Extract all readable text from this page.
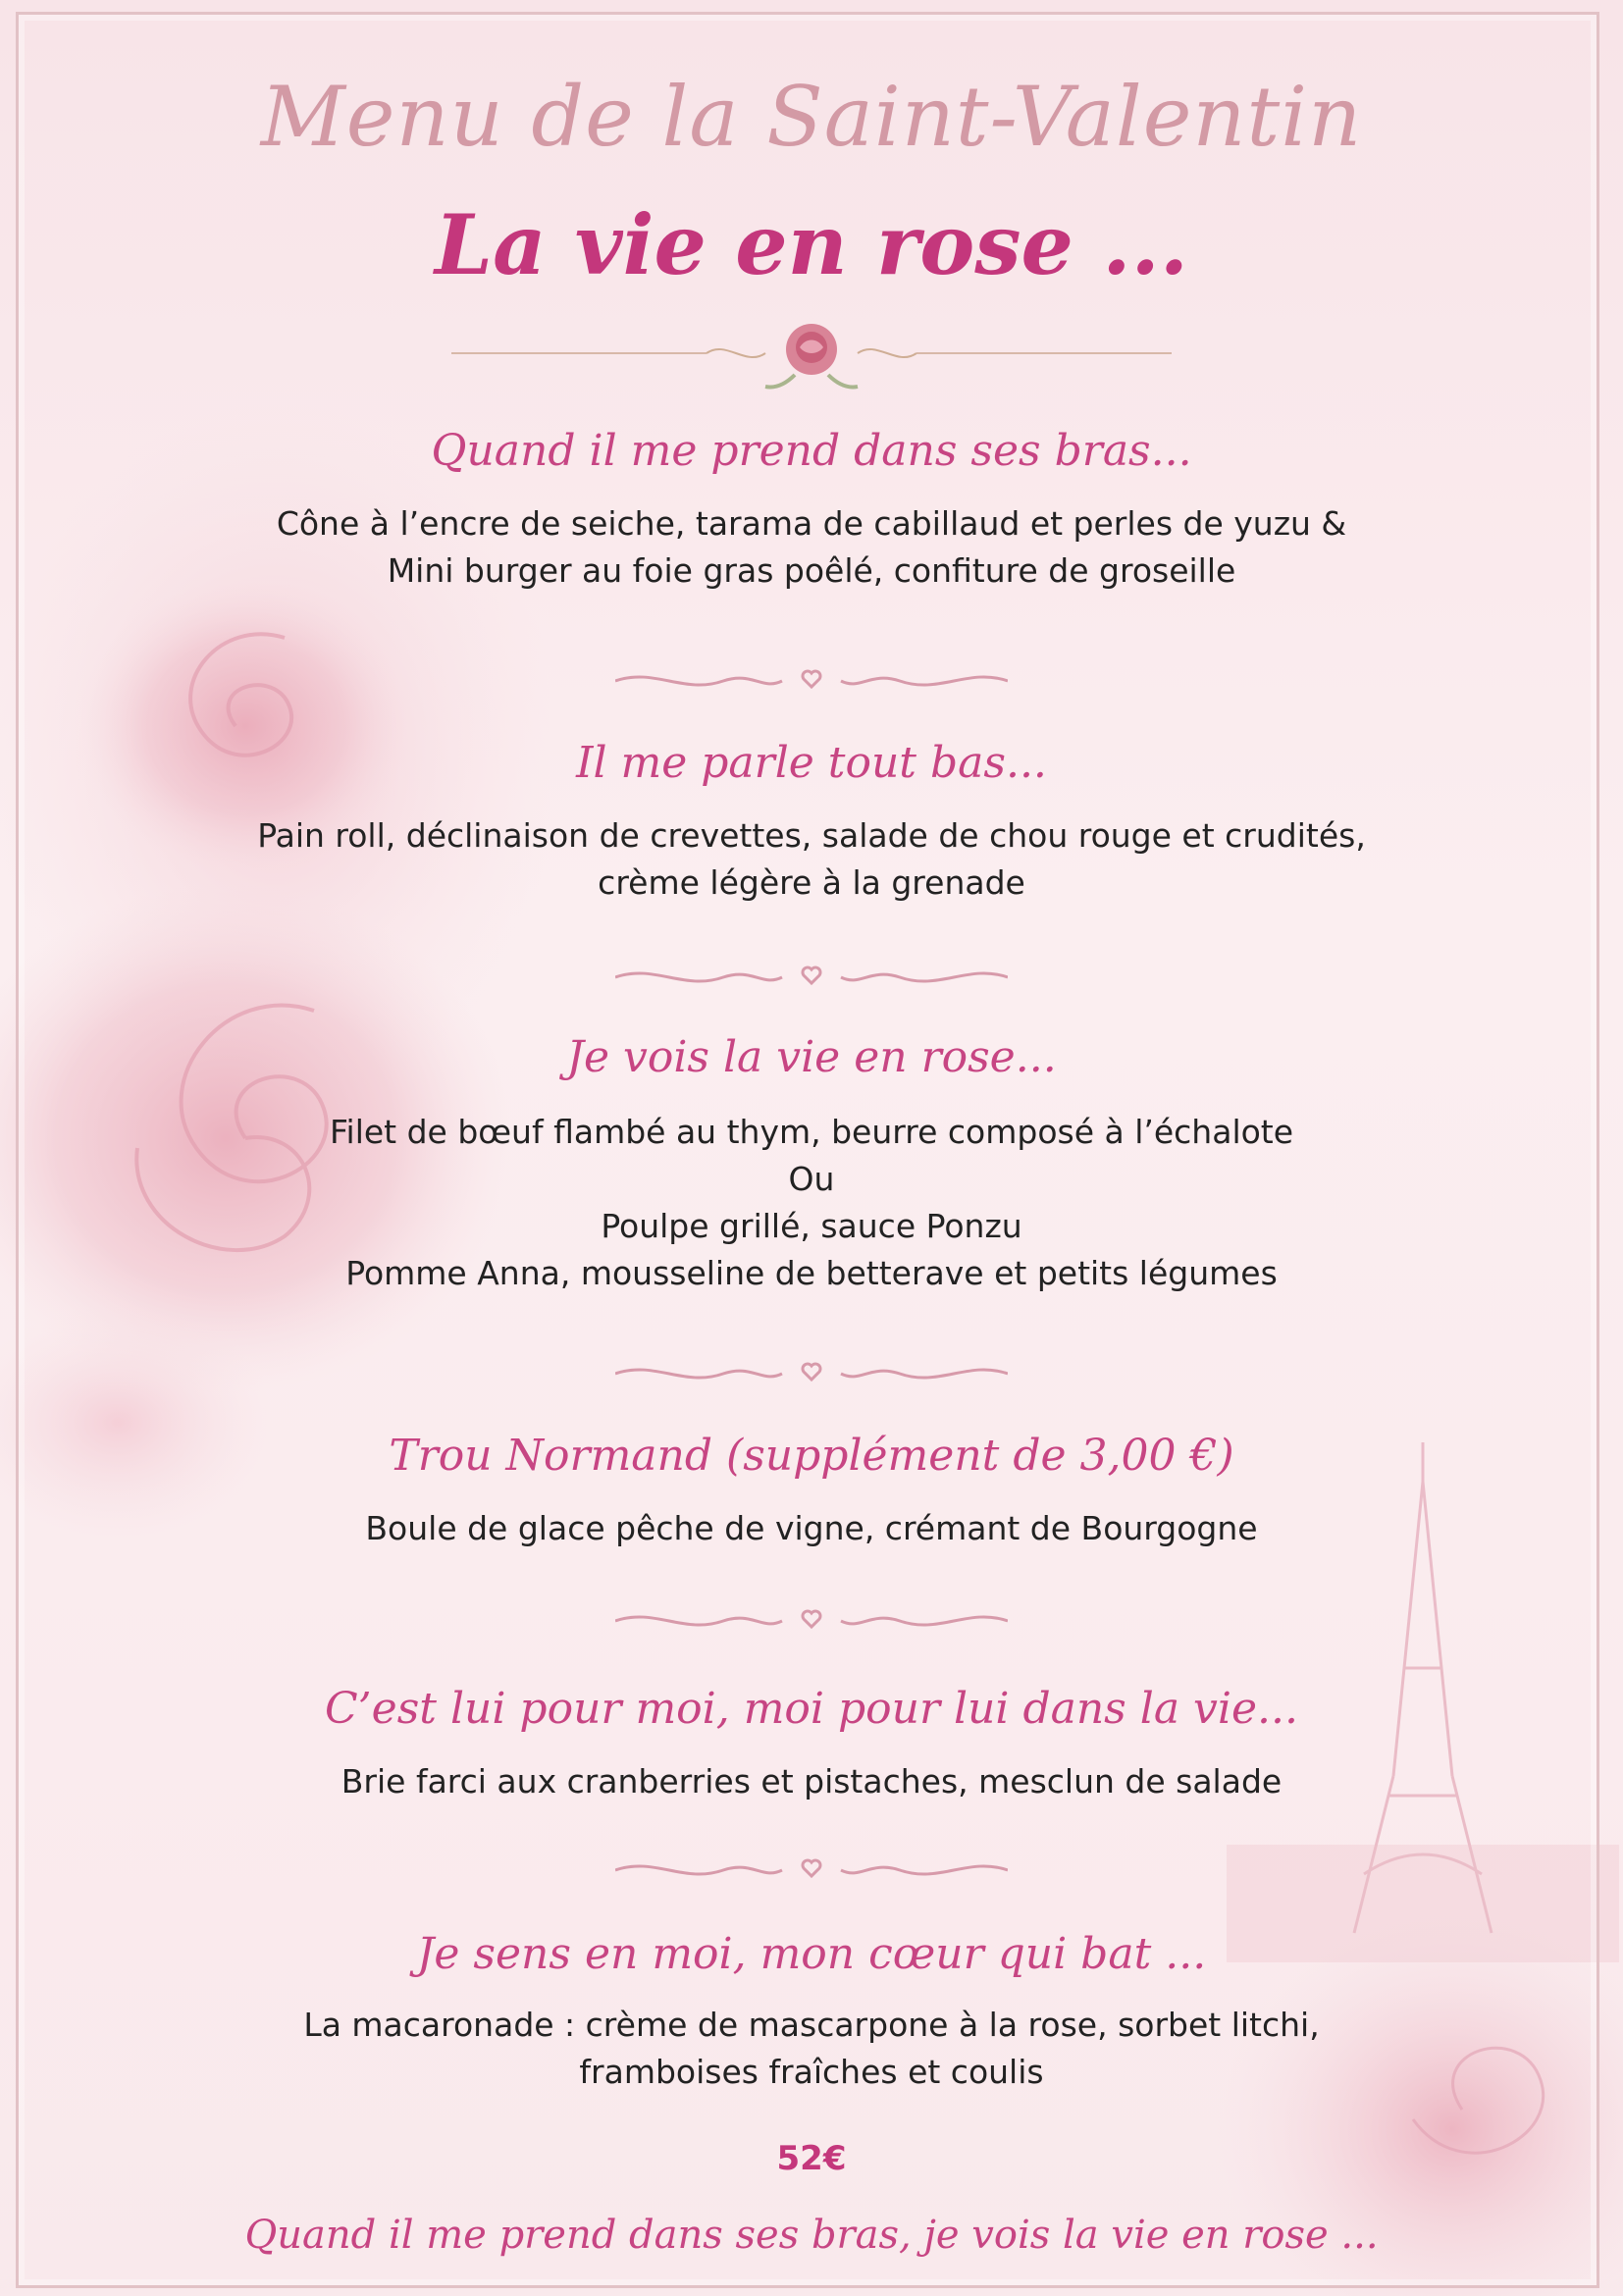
Menu de la Saint-Valentin
La vie en rose ...

Quand il me prend dans ses bras...

Cône à l’encre de seiche, tarama de cabillaud et perles de yuzu &
Mini burger au foie gras poêlé, confiture de groseille

Il me parle tout bas...

Pain roll, déclinaison de crevettes, salade de chou rouge et crudités,
crème légère à la grenade

Je vois la vie en rose...

Filet de bœuf flambé au thym, beurre composé à l’échalote
Ou
Poulpe grillé, sauce Ponzu
Pomme Anna, mousseline de betterave et petits légumes

Trou Normand (supplément de 3,00 €)

Boule de glace pêche de vigne, crémant de Bourgogne

C’est lui pour moi, moi pour lui dans la vie...

Brie farci aux cranberries et pistaches, mesclun de salade

Je sens en moi, mon cœur qui bat ...

La macaronade : crème de mascarpone à la rose, sorbet litchi,
framboises fraîches et coulis
52€
Quand il me prend dans ses bras, je vois la vie en rose ...
